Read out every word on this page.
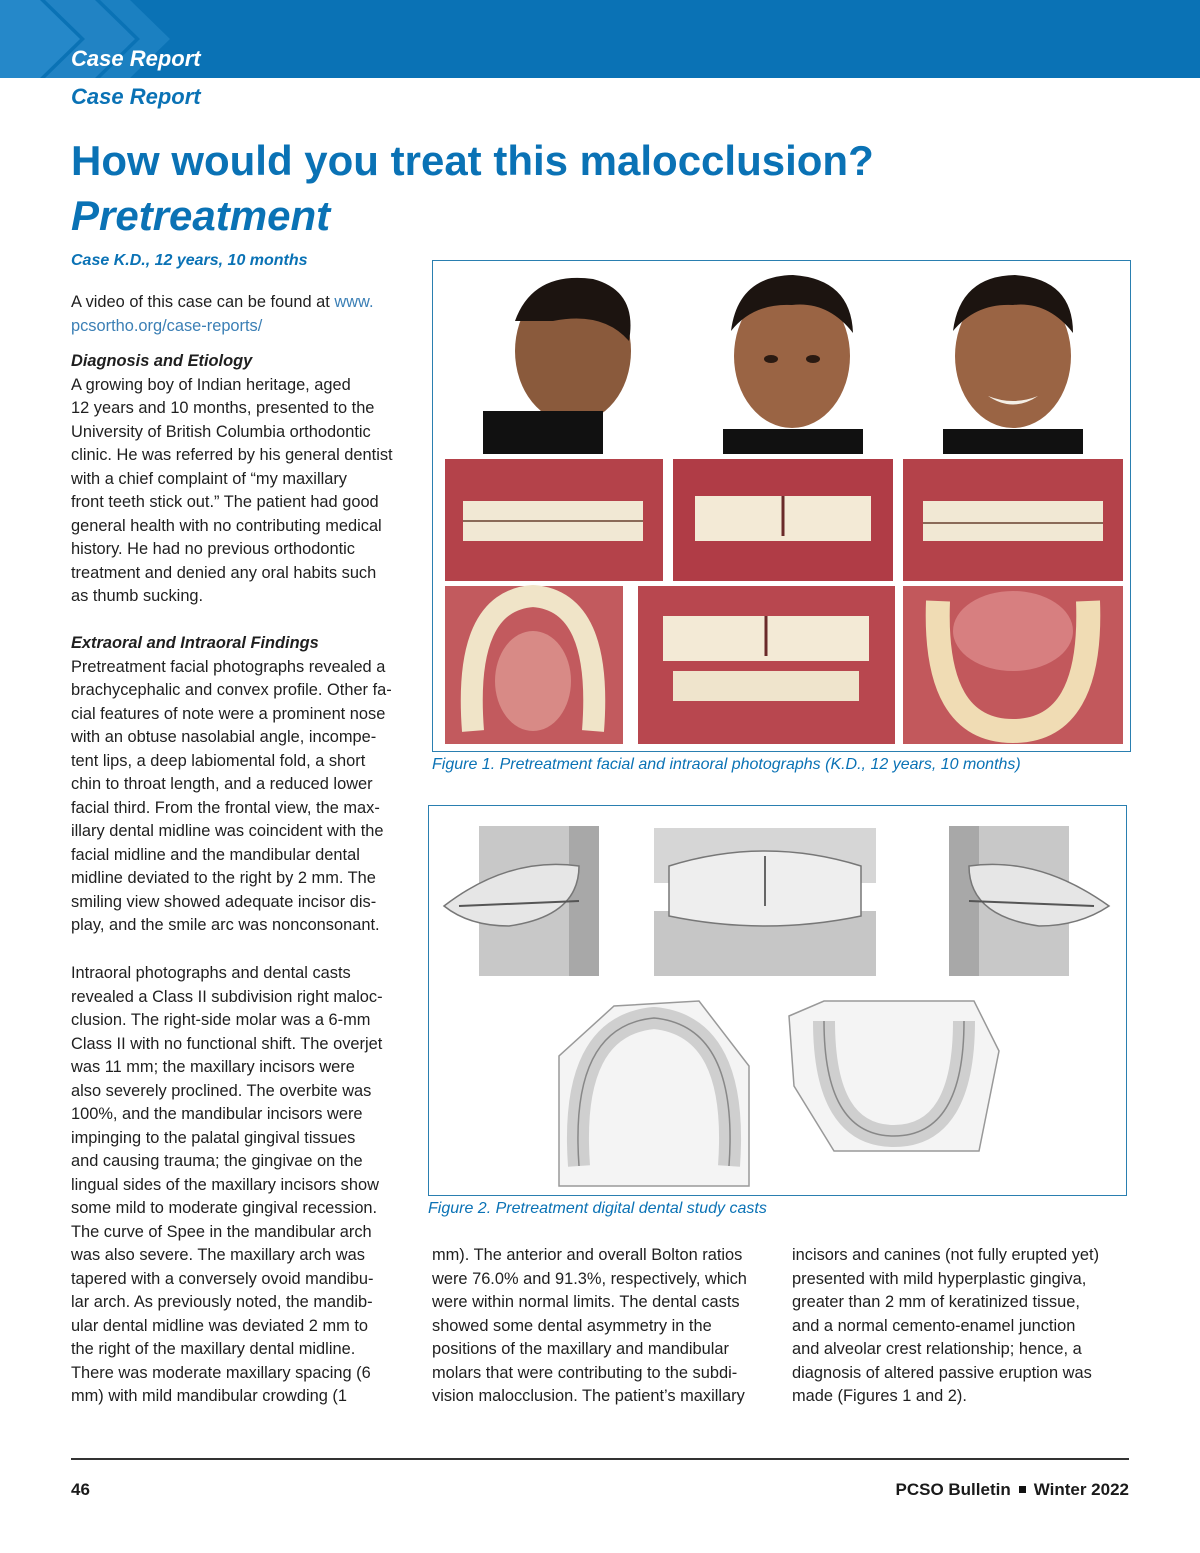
Case Report
Case Report
How would you treat this malocclusion?
Pretreatment
Case K.D., 12 years, 10 months

A video of this case can be found at www.

pcsortho.org/case-reports/

Diagnosis and Etiology

A growing boy of Indian heritage, aged

12 years and 10 months, presented to the

University of British Columbia orthodontic

clinic. He was referred by his general dentist

with a chief complaint of “my maxillary

front teeth stick out.” The patient had good

general health with no contributing medical

history. He had no previous orthodontic

treatment and denied any oral habits such

as thumb sucking.

Extraoral and Intraoral Findings

Pretreatment facial photographs revealed a

brachycephalic and convex profile. Other fa-

cial features of note were a prominent nose

with an obtuse nasolabial angle, incompe-

tent lips, a deep labiomental fold, a short

chin to throat length, and a reduced lower

facial third. From the frontal view, the max-

illary dental midline was coincident with the

facial midline and the mandibular dental

midline deviated to the right by 2 mm. The

smiling view showed adequate incisor dis-

play, and the smile arc was nonconsonant.

Intraoral photographs and dental casts

revealed a Class II subdivision right maloc-

clusion. The right-side molar was a 6-mm

Class II with no functional shift. The overjet

was 11 mm; the maxillary incisors were

also severely proclined. The overbite was

100%, and the mandibular incisors were

impinging to the palatal gingival tissues

and causing trauma; the gingivae on the

lingual sides of the maxillary incisors show

some mild to moderate gingival recession.

The curve of Spee in the mandibular arch

was also severe. The maxillary arch was

tapered with a conversely ovoid mandibu-

lar arch. As previously noted, the mandib-

ular dental midline was deviated 2 mm to

the right of the maxillary dental midline.

There was moderate maxillary spacing (6

mm) with mild mandibular crowding (1

Figure 1. Pretreatment facial and intraoral photographs (K.D., 12 years, 10 months)
Figure 2. Pretreatment digital dental study casts

mm). The anterior and overall Bolton ratios

were 76.0% and 91.3%, respectively, which

were within normal limits. The dental casts

showed some dental asymmetry in the

positions of the maxillary and mandibular

molars that were contributing to the subdi-

vision malocclusion. The patient’s maxillary

incisors and canines (not fully erupted yet)

presented with mild hyperplastic gingiva,

greater than 2 mm of keratinized tissue,

and a normal cemento-enamel junction

and alveolar crest relationship; hence, a

diagnosis of altered passive eruption was

made (Figures 1 and 2).

46	PCSO Bulletin Winter 2022
